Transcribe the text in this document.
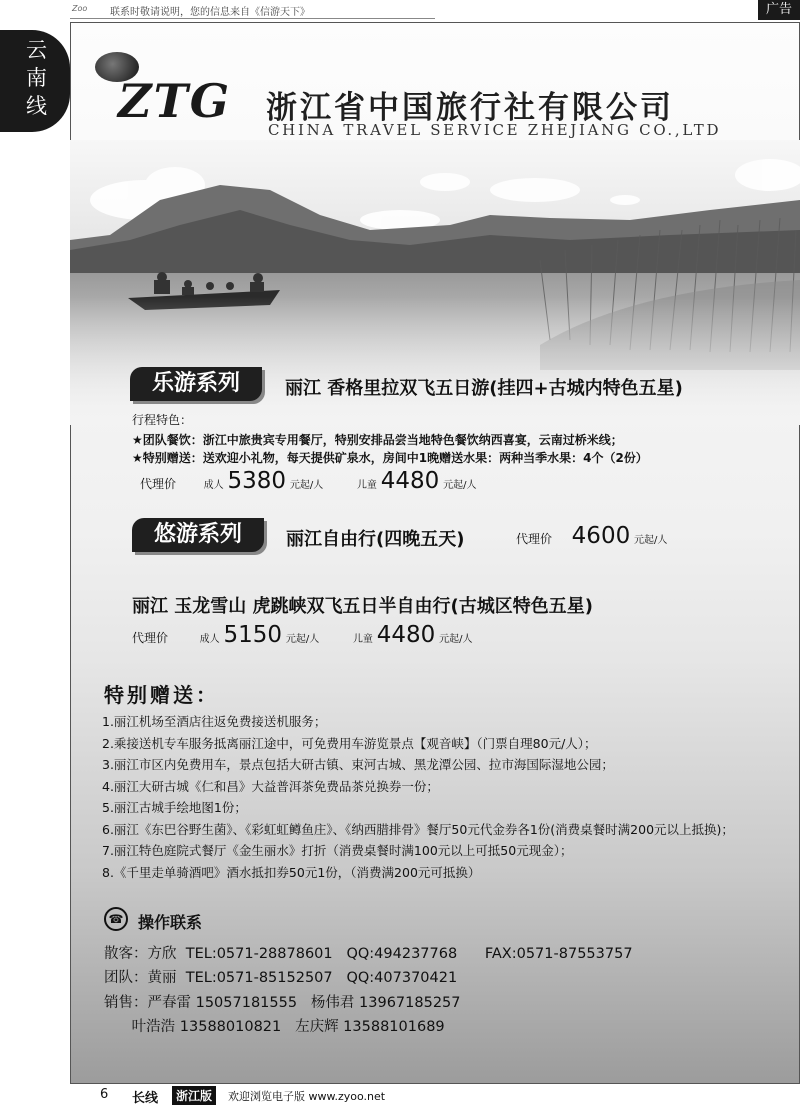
Zoo	联系时敬请说明，您的信息来自《信游天下》	广告
云南线 ZTG 浙江省中国旅行社有限公司
CHINA TRAVEL SERVICE ZHEJIANG CO.,LTD
乐游系列	丽江 香格里拉双飞五日游(挂四+古城内特色五星)
行程特色：
★团队餐饮：浙江中旅贵宾专用餐厅，特别安排品尝当地特色餐饮纳西喜宴，云南过桥米线；
★特别赠送：送欢迎小礼物，每天提供矿泉水，房间中1晚赠送水果：两种当季水果：4个（2份）
代理价	成人 5380 元起/人	儿童 4480 元起/人
悠游系列	丽江自由行(四晚五天)	代理价 4600 元起/人
丽江 玉龙雪山 虎跳峡双飞五日半自由行(古城区特色五星)
代理价	成人 5150 元起/人	儿童 4480 元起/人
特别赠送：
1.丽江机场至酒店往返免费接送机服务；
2.乘接送机专车服务抵离丽江途中，可免费用车游览景点【观音峡】（门票自理80元/人）；
3.丽江市区内免费用车，景点包括大研古镇、束河古城、黑龙潭公园、拉市海国际湿地公园；
4.丽江大研古城《仁和昌》大益普洱茶免费品茶兑换券一份；
5.丽江古城手绘地图1份；
6.丽江《东巴谷野生菌》、《彩虹虹鳟鱼庄》、《纳西腊排骨》餐厅50元代金券各1份(消费桌餐时满200元以上抵换)；
7.丽江特色庭院式餐厅《金生丽水》打折（消费桌餐时满100元以上可抵50元现金）；
8.《千里走单骑酒吧》酒水抵扣券50元1份，（消费满200元可抵换）
☎ 操作联系
散客：方欣  TEL:0571-28878601   QQ:494237768      FAX:0571-87553757
团队：黄丽  TEL:0571-85152507   QQ:407370421
销售：严春雷 15057181555   杨伟君 13967185257
叶浩浩 13588010821   左庆辉 13588101689
6 长线	浙江版	欢迎浏览电子版 www.zyoo.net
